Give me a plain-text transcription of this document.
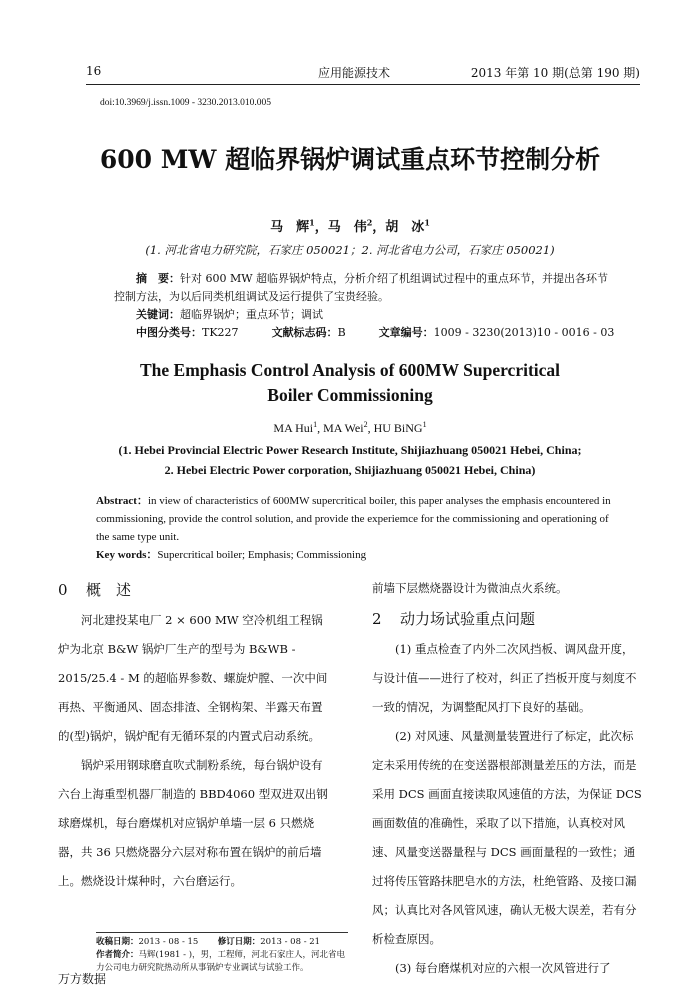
16	应用能源技术	2013 年第 10 期(总第 190 期)
doi:10.3969/j.issn.1009 - 3230.2013.010.005
600 MW 超临界锅炉调试重点环节控制分析
马　辉$^1$，马　伟$^2$，胡　冰$^1$
(1. 河北省电力研究院，石家庄 050021；2. 河北省电力公司，石家庄 050021)
摘　要：针对 600 MW 超临界锅炉特点，分析介绍了机组调试过程中的重点环节，并提出各环节控制方法，为以后同类机组调试及运行提供了宝贵经验。
关键词：超临界锅炉；重点环节；调试
中图分类号：TK227	文献标志码：B	文章编号：1009 - 3230(2013)10 - 0016 - 03
The Emphasis Control Analysis of 600MW Supercritical
Boiler Commissioning
MA Hui$^1$, MA Wei$^2$, HU BiNG$^1$
(1. Hebei Provincial Electric Power Research Institute, Shijiazhuang 050021 Hebei, China;
2. Hebei Electric Power corporation, Shijiazhuang 050021 Hebei, China)
Abstract：in view of characteristics of 600MW supercritical boiler, this paper analyses the emphasis encountered in commissioning, provide the control solution, and provide the experiemce for the commissioning and operationing of the same type unit.
Key words：Supercritical boiler; Emphasis; Commissioning
0 概　述

河北建投某电厂 2 × 600 MW 空冷机组工程锅炉为北京 B&W 锅炉厂生产的型号为 B&WB - 2015/25.4 - M 的超临界参数、螺旋炉膛、一次中间再热、平衡通风、固态排渣、全钢构架、半露天布置的(型)锅炉，锅炉配有无循环泵的内置式启动系统。

锅炉采用钢球磨直吹式制粉系统，每台锅炉设有六台上海重型机器厂制造的 BBD4060 型双进双出钢球磨煤机，每台磨煤机对应锅炉单墙一层 6 只燃烧器，共 36 只燃烧器分六层对称布置在锅炉的前后墙上。燃烧设计煤种时，六台磨运行。

前墙下层燃烧器设计为微油点火系统。

2 动力场试验重点问题

(1) 重点检查了内外二次风挡板、调风盘开度，与设计值——进行了校对，纠正了挡板开度与刻度不一致的情况，为调整配风打下良好的基础。

(2) 对风速、风量测量装置进行了标定，此次标定未采用传统的在变送器根部测量差压的方法，而是采用 DCS 画面直接读取风速值的方法，为保证 DCS 画面数值的准确性，采取了以下措施，认真校对风速、风量变送器量程与 DCS 画面量程的一致性；通过将传压管路抹肥皂水的方法，杜绝管路、及接口漏风；认真比对各风管风速，确认无极大误差，若有分析检查原因。

(3) 每台磨煤机对应的六根一次风管进行了

收稿日期：2013 - 08 - 15 修订日期：2013 - 08 - 21
作者简介：马辉(1981 - )，男，工程师，河北石家庄人，河北省电力公司电力研究院热动所从事锅炉专业调试与试验工作。
万方数据
